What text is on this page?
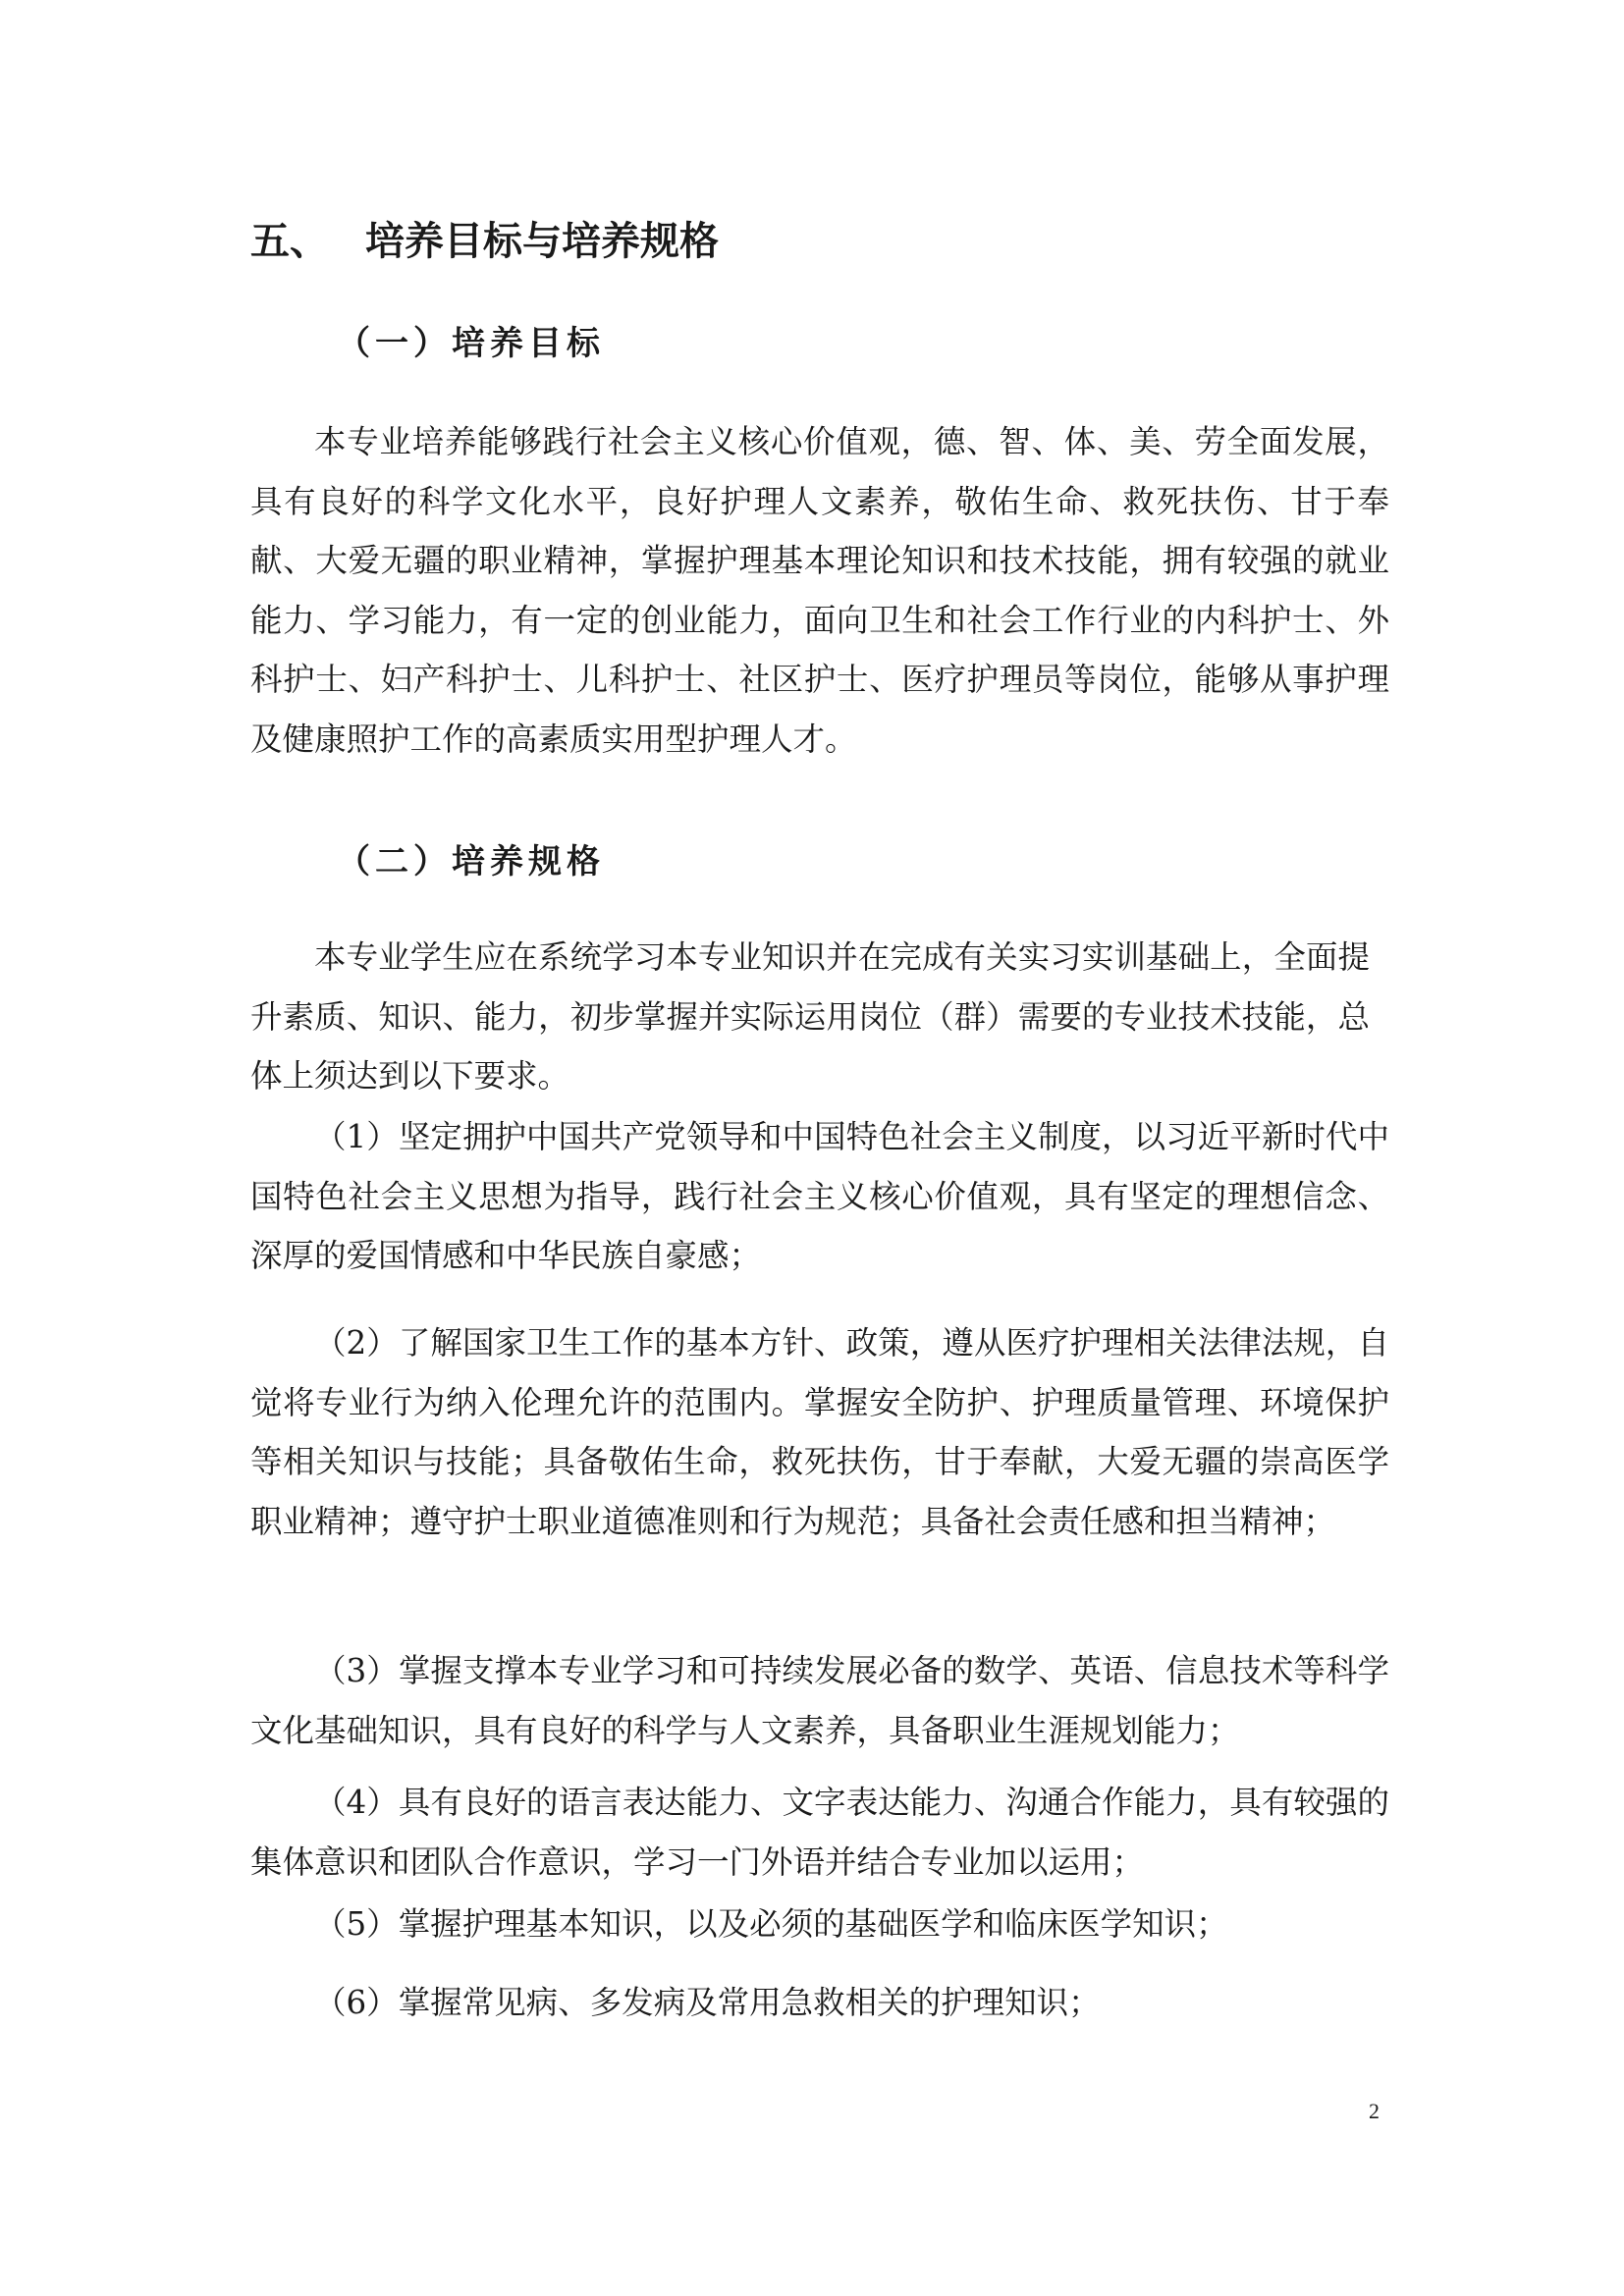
五、 培养目标与培养规格
（一）培养目标

本专业培养能够践行社会主义核心价值观，德、智、体、美、劳全面发展，具有良好的科学文化水平，良好护理人文素养，敬佑生命、救死扶伤、甘于奉献、大爱无疆的职业精神，掌握护理基本理论知识和技术技能，拥有较强的就业能力、学习能力，有一定的创业能力，面向卫生和社会工作行业的内科护士、外科护士、妇产科护士、儿科护士、社区护士、医疗护理员等岗位，能够从事护理及健康照护工作的高素质实用型护理人才。

（二）培养规格

本专业学生应在系统学习本专业知识并在完成有关实习实训基础上，全面提升素质、知识、能力，初步掌握并实际运用岗位（群）需要的专业技术技能，总体上须达到以下要求。

（1）坚定拥护中国共产党领导和中国特色社会主义制度，以习近平新时代中国特色社会主义思想为指导，践行社会主义核心价值观，具有坚定的理想信念、深厚的爱国情感和中华民族自豪感；

（2）了解国家卫生工作的基本方针、政策，遵从医疗护理相关法律法规，自觉将专业行为纳入伦理允许的范围内。掌握安全防护、护理质量管理、环境保护等相关知识与技能；具备敬佑生命，救死扶伤，甘于奉献，大爱无疆的崇高医学职业精神；遵守护士职业道德准则和行为规范；具备社会责任感和担当精神；

（3）掌握支撑本专业学习和可持续发展必备的数学、英语、信息技术等科学文化基础知识，具有良好的科学与人文素养，具备职业生涯规划能力；

（4）具有良好的语言表达能力、文字表达能力、沟通合作能力，具有较强的集体意识和团队合作意识，学习一门外语并结合专业加以运用；

（5）掌握护理基本知识，以及必须的基础医学和临床医学知识；

（6）掌握常见病、多发病及常用急救相关的护理知识；

2
